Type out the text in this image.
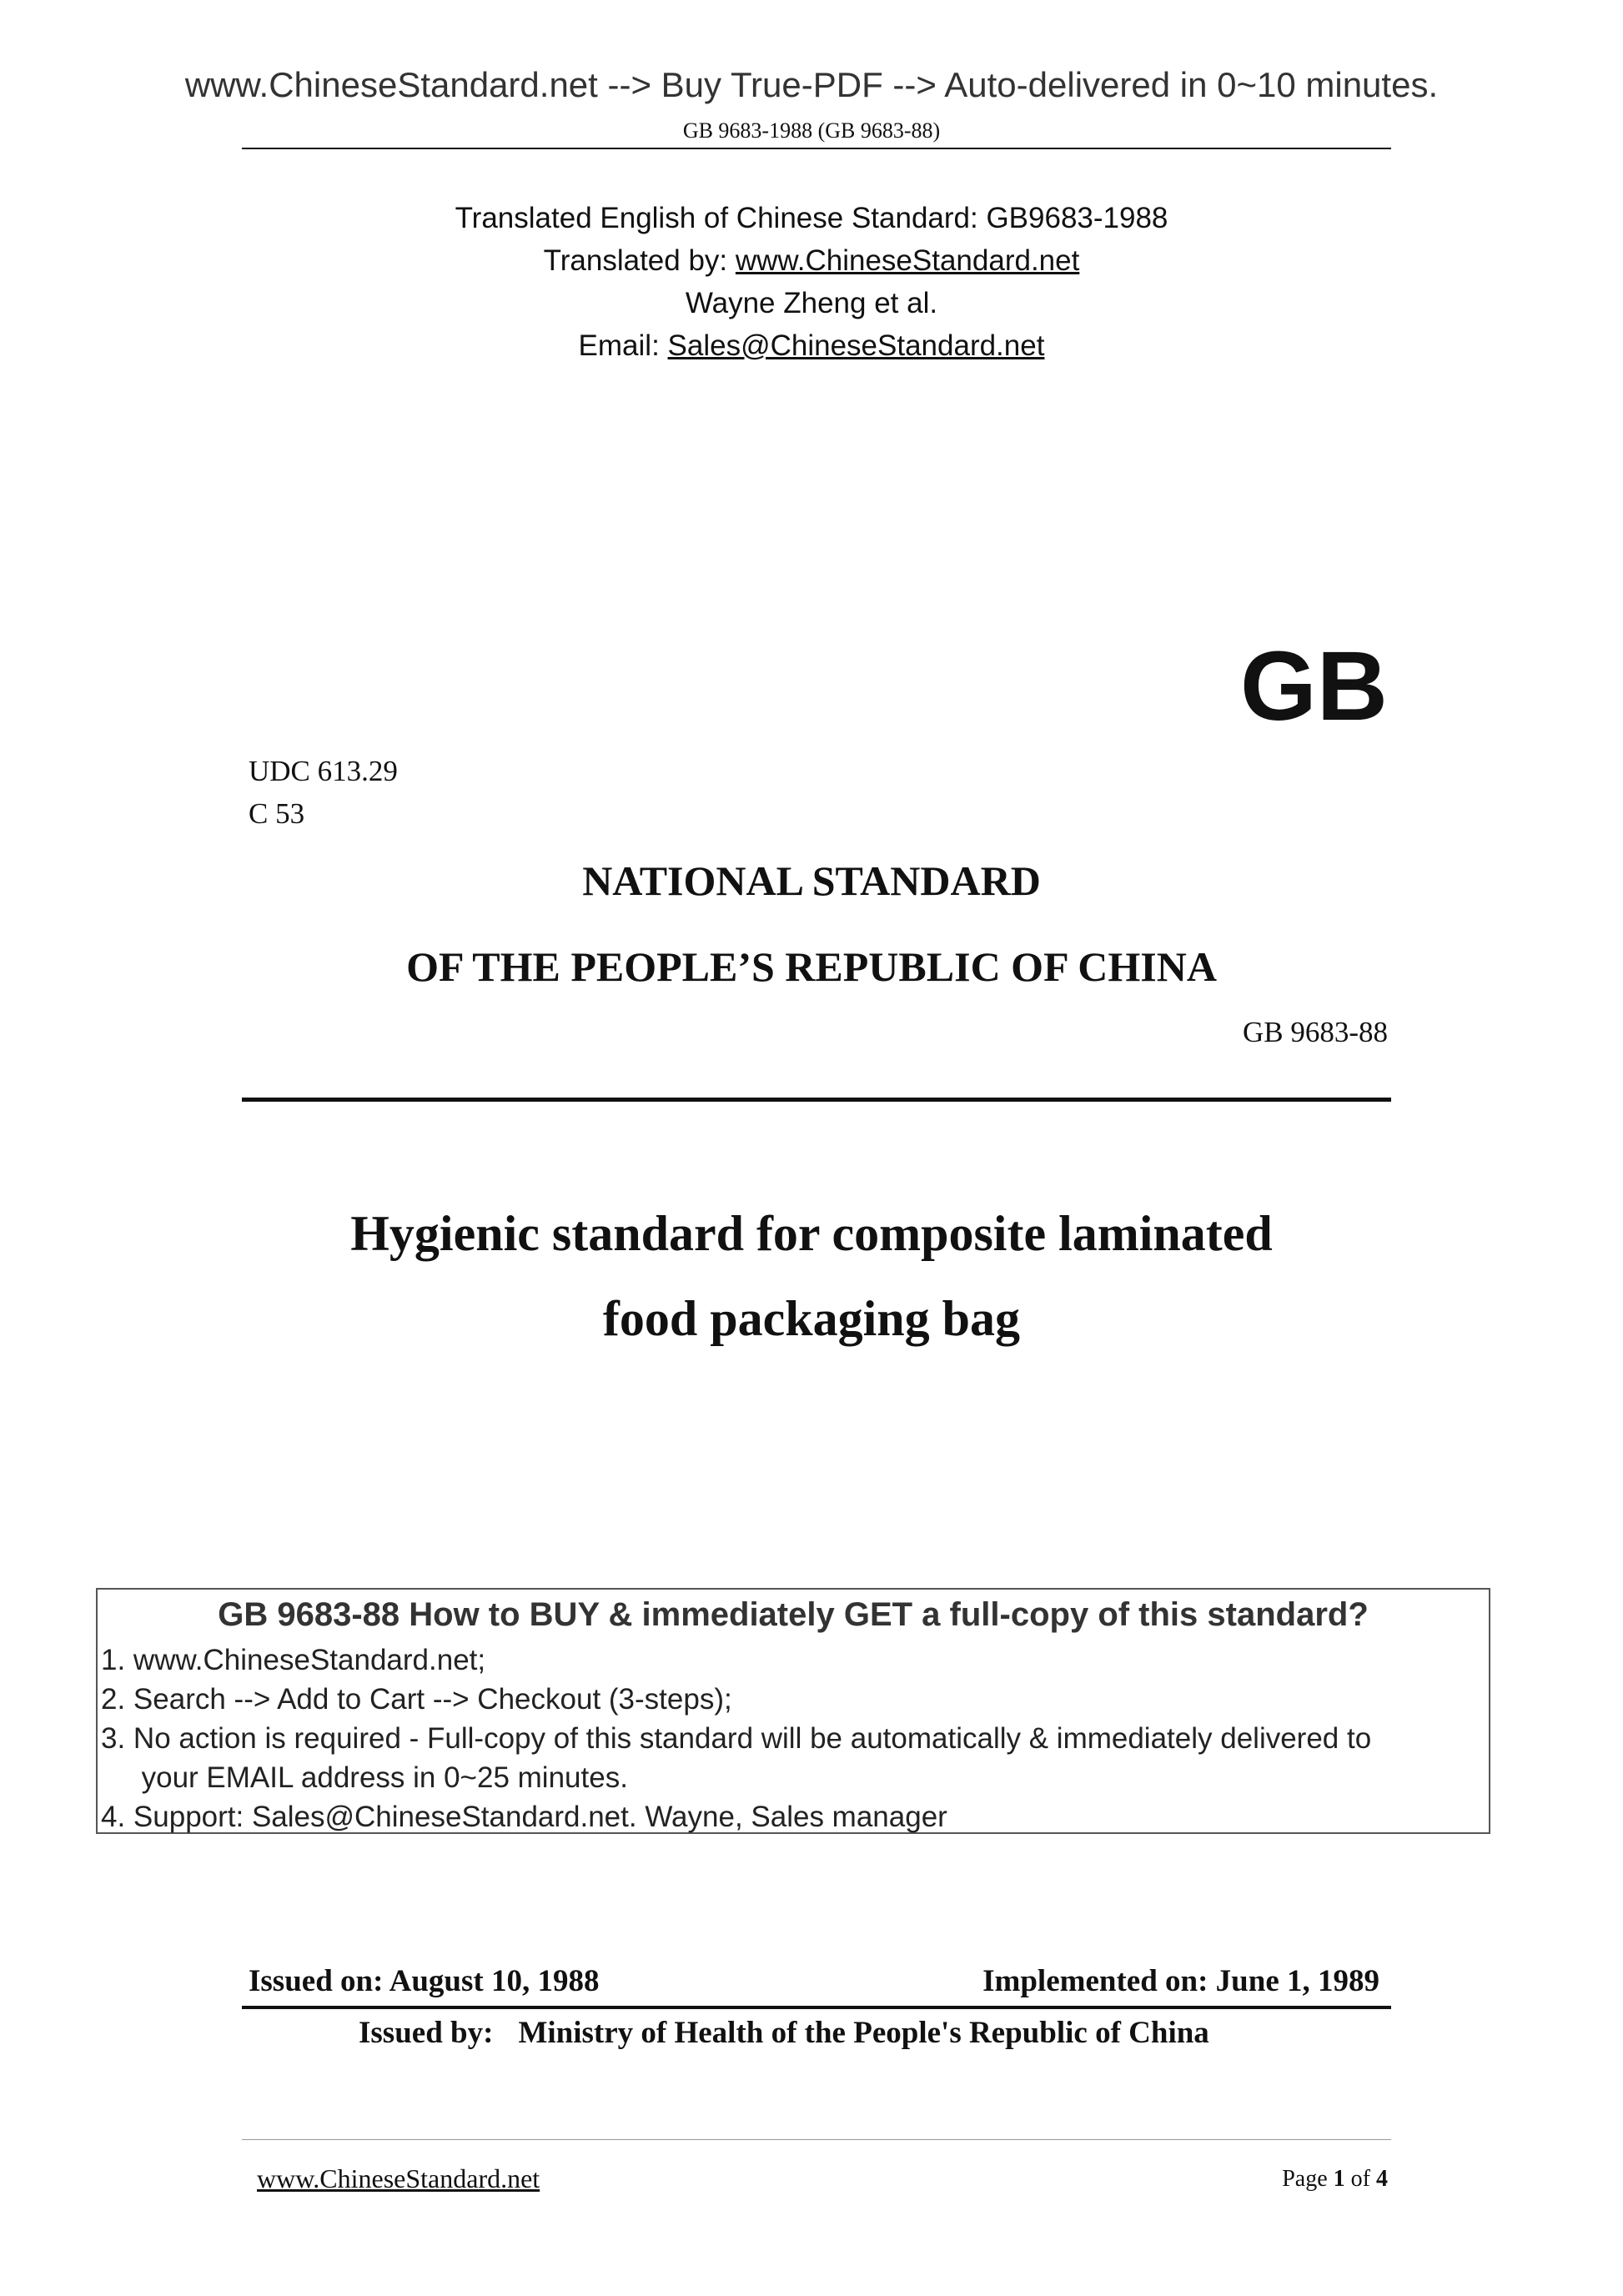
www.ChineseStandard.net --> Buy True-PDF --> Auto-delivered in 0~10 minutes.
GB 9683-1988 (GB 9683-88)
Translated English of Chinese Standard: GB9683-1988
Translated by: www.ChineseStandard.net
Wayne Zheng et al.
Email: Sales@ChineseStandard.net
GB
UDC 613.29
C 53
NATIONAL STANDARD
OF THE PEOPLE’S REPUBLIC OF CHINA
GB 9683-88
Hygienic standard for composite laminated
food packaging bag
GB 9683-88 How to BUY & immediately GET a full-copy of this standard?
1. www.ChineseStandard.net;
2. Search --> Add to Cart --> Checkout (3-steps);
3. No action is required - Full-copy of this standard will be automatically & immediately delivered to
your EMAIL address in 0~25 minutes.
4. Support: Sales@ChineseStandard.net. Wayne, Sales manager
Issued on: August 10, 1988	Implemented on: June 1, 1989
Issued by: Ministry of Health of the People's Republic of China
www.ChineseStandard.net	Page 1 of 4
